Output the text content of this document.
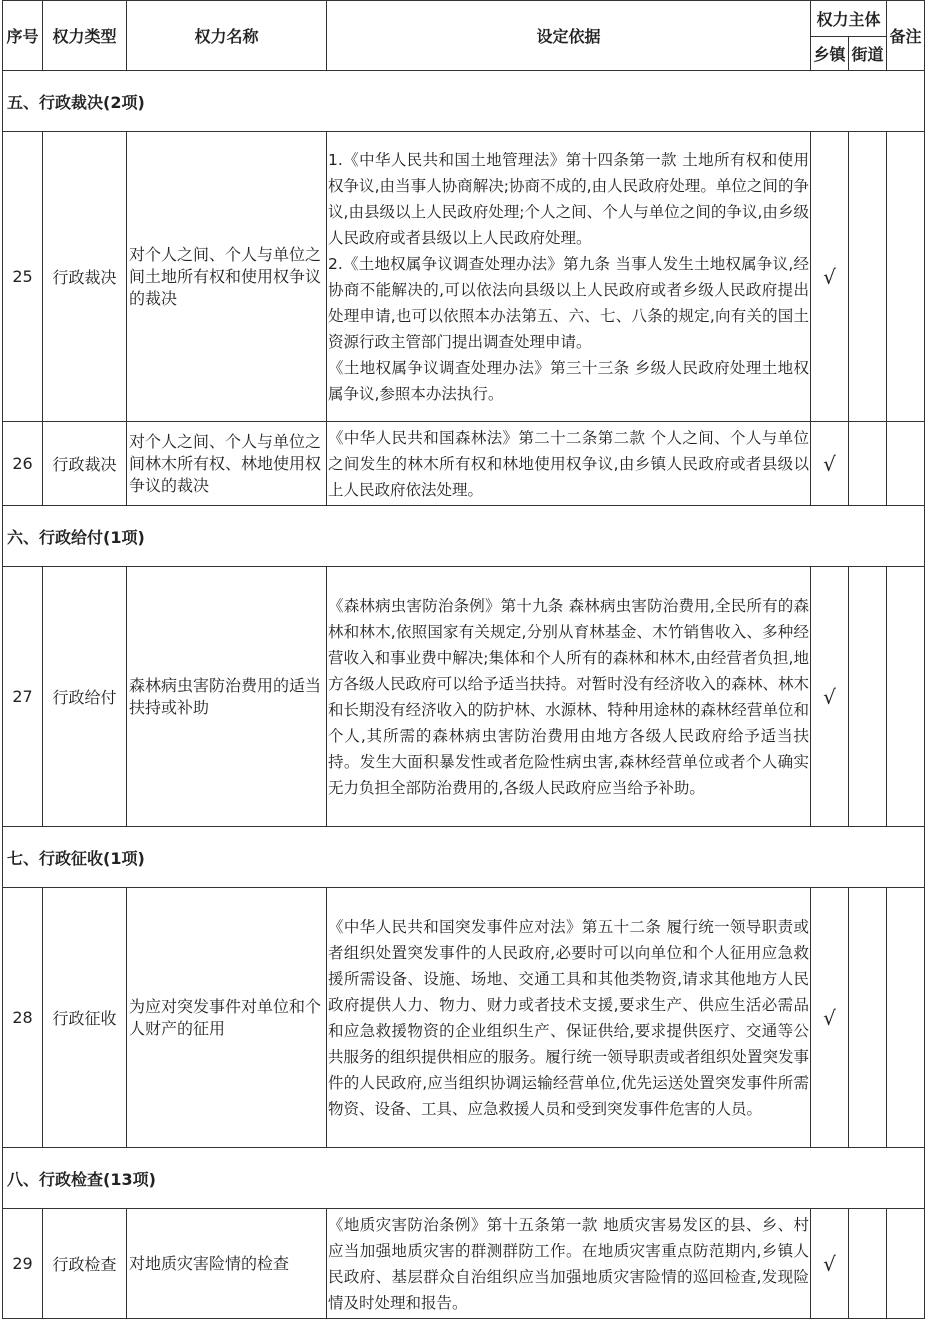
序号	权力类型	权力名称	设定依据	权力主体		备注
				乡镇	街道	
五、行政裁决(2项)						
25	行政裁决	对个人之间、个人与单位之间土地所有权和使用权争议的裁决	1.《中华人民共和国土地管理法》第十四条第一款 土地所有权和使用权争议,由当事人协商解决;协商不成的,由人民政府处理。单位之间的争议,由县级以上人民政府处理;个人之间、个人与单位之间的争议,由乡级人民政府或者县级以上人民政府处理。

2.《土地权属争议调查处理办法》第九条 当事人发生土地权属争议,经协商不能解决的,可以依法向县级以上人民政府或者乡级人民政府提出处理申请,也可以依照本办法第五、六、七、八条的规定,向有关的国土资源行政主管部门提出调查处理申请。

《土地权属争议调查处理办法》第三十三条 乡级人民政府处理土地权属争议,参照本办法执行。	√		
26	行政裁决	对个人之间、个人与单位之间林木所有权、林地使用权争议的裁决	《中华人民共和国森林法》第二十二条第二款 个人之间、个人与单位之间发生的林木所有权和林地使用权争议,由乡镇人民政府或者县级以上人民政府依法处理。	√		
六、行政给付(1项)						
27	行政给付	森林病虫害防治费用的适当扶持或补助	《森林病虫害防治条例》第十九条 森林病虫害防治费用,全民所有的森林和林木,依照国家有关规定,分别从育林基金、木竹销售收入、多种经营收入和事业费中解决;集体和个人所有的森林和林木,由经营者负担,地方各级人民政府可以给予适当扶持。对暂时没有经济收入的森林、林木和长期没有经济收入的防护林、水源林、特种用途林的森林经营单位和个人,其所需的森林病虫害防治费用由地方各级人民政府给予适当扶持。发生大面积暴发性或者危险性病虫害,森林经营单位或者个人确实无力负担全部防治费用的,各级人民政府应当给予补助。	√		
七、行政征收(1项)						
28	行政征收	为应对突发事件对单位和个人财产的征用	《中华人民共和国突发事件应对法》第五十二条 履行统一领导职责或者组织处置突发事件的人民政府,必要时可以向单位和个人征用应急救援所需设备、设施、场地、交通工具和其他类物资,请求其他地方人民政府提供人力、物力、财力或者技术支援,要求生产、供应生活必需品和应急救援物资的企业组织生产、保证供给,要求提供医疗、交通等公共服务的组织提供相应的服务。履行统一领导职责或者组织处置突发事件的人民政府,应当组织协调运输经营单位,优先运送处置突发事件所需物资、设备、工具、应急救援人员和受到突发事件危害的人员。	√		
八、行政检查(13项)						
29	行政检查	对地质灾害险情的检查	《地质灾害防治条例》第十五条第一款 地质灾害易发区的县、乡、村应当加强地质灾害的群测群防工作。在地质灾害重点防范期内,乡镇人民政府、基层群众自治组织应当加强地质灾害险情的巡回检查,发现险情及时处理和报告。	√		
